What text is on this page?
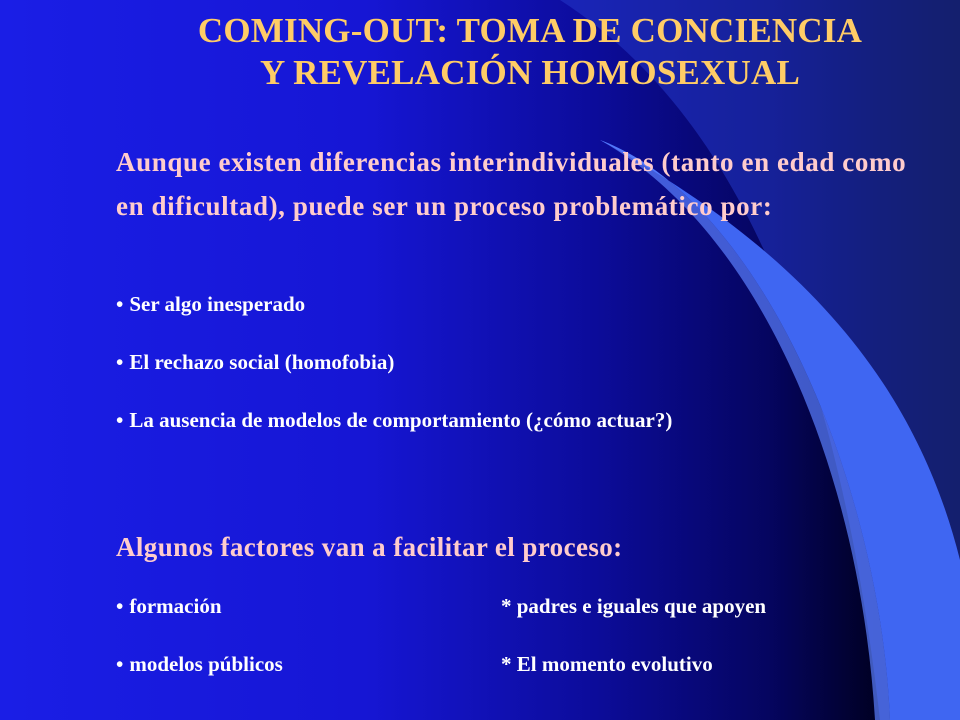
COMING-OUT: TOMA DE CONCIENCIA
Y REVELACIÓN HOMOSEXUAL
Aunque existen diferencias interindividuales (tanto en edad como en dificultad), puede ser un proceso problemático por:
• Ser algo inesperado
• El rechazo social (homofobia)
• La ausencia de modelos de comportamiento (¿cómo actuar?)
Algunos factores van a facilitar el proceso:
• formación	* padres e iguales que apoyen
• modelos públicos	* El momento evolutivo
